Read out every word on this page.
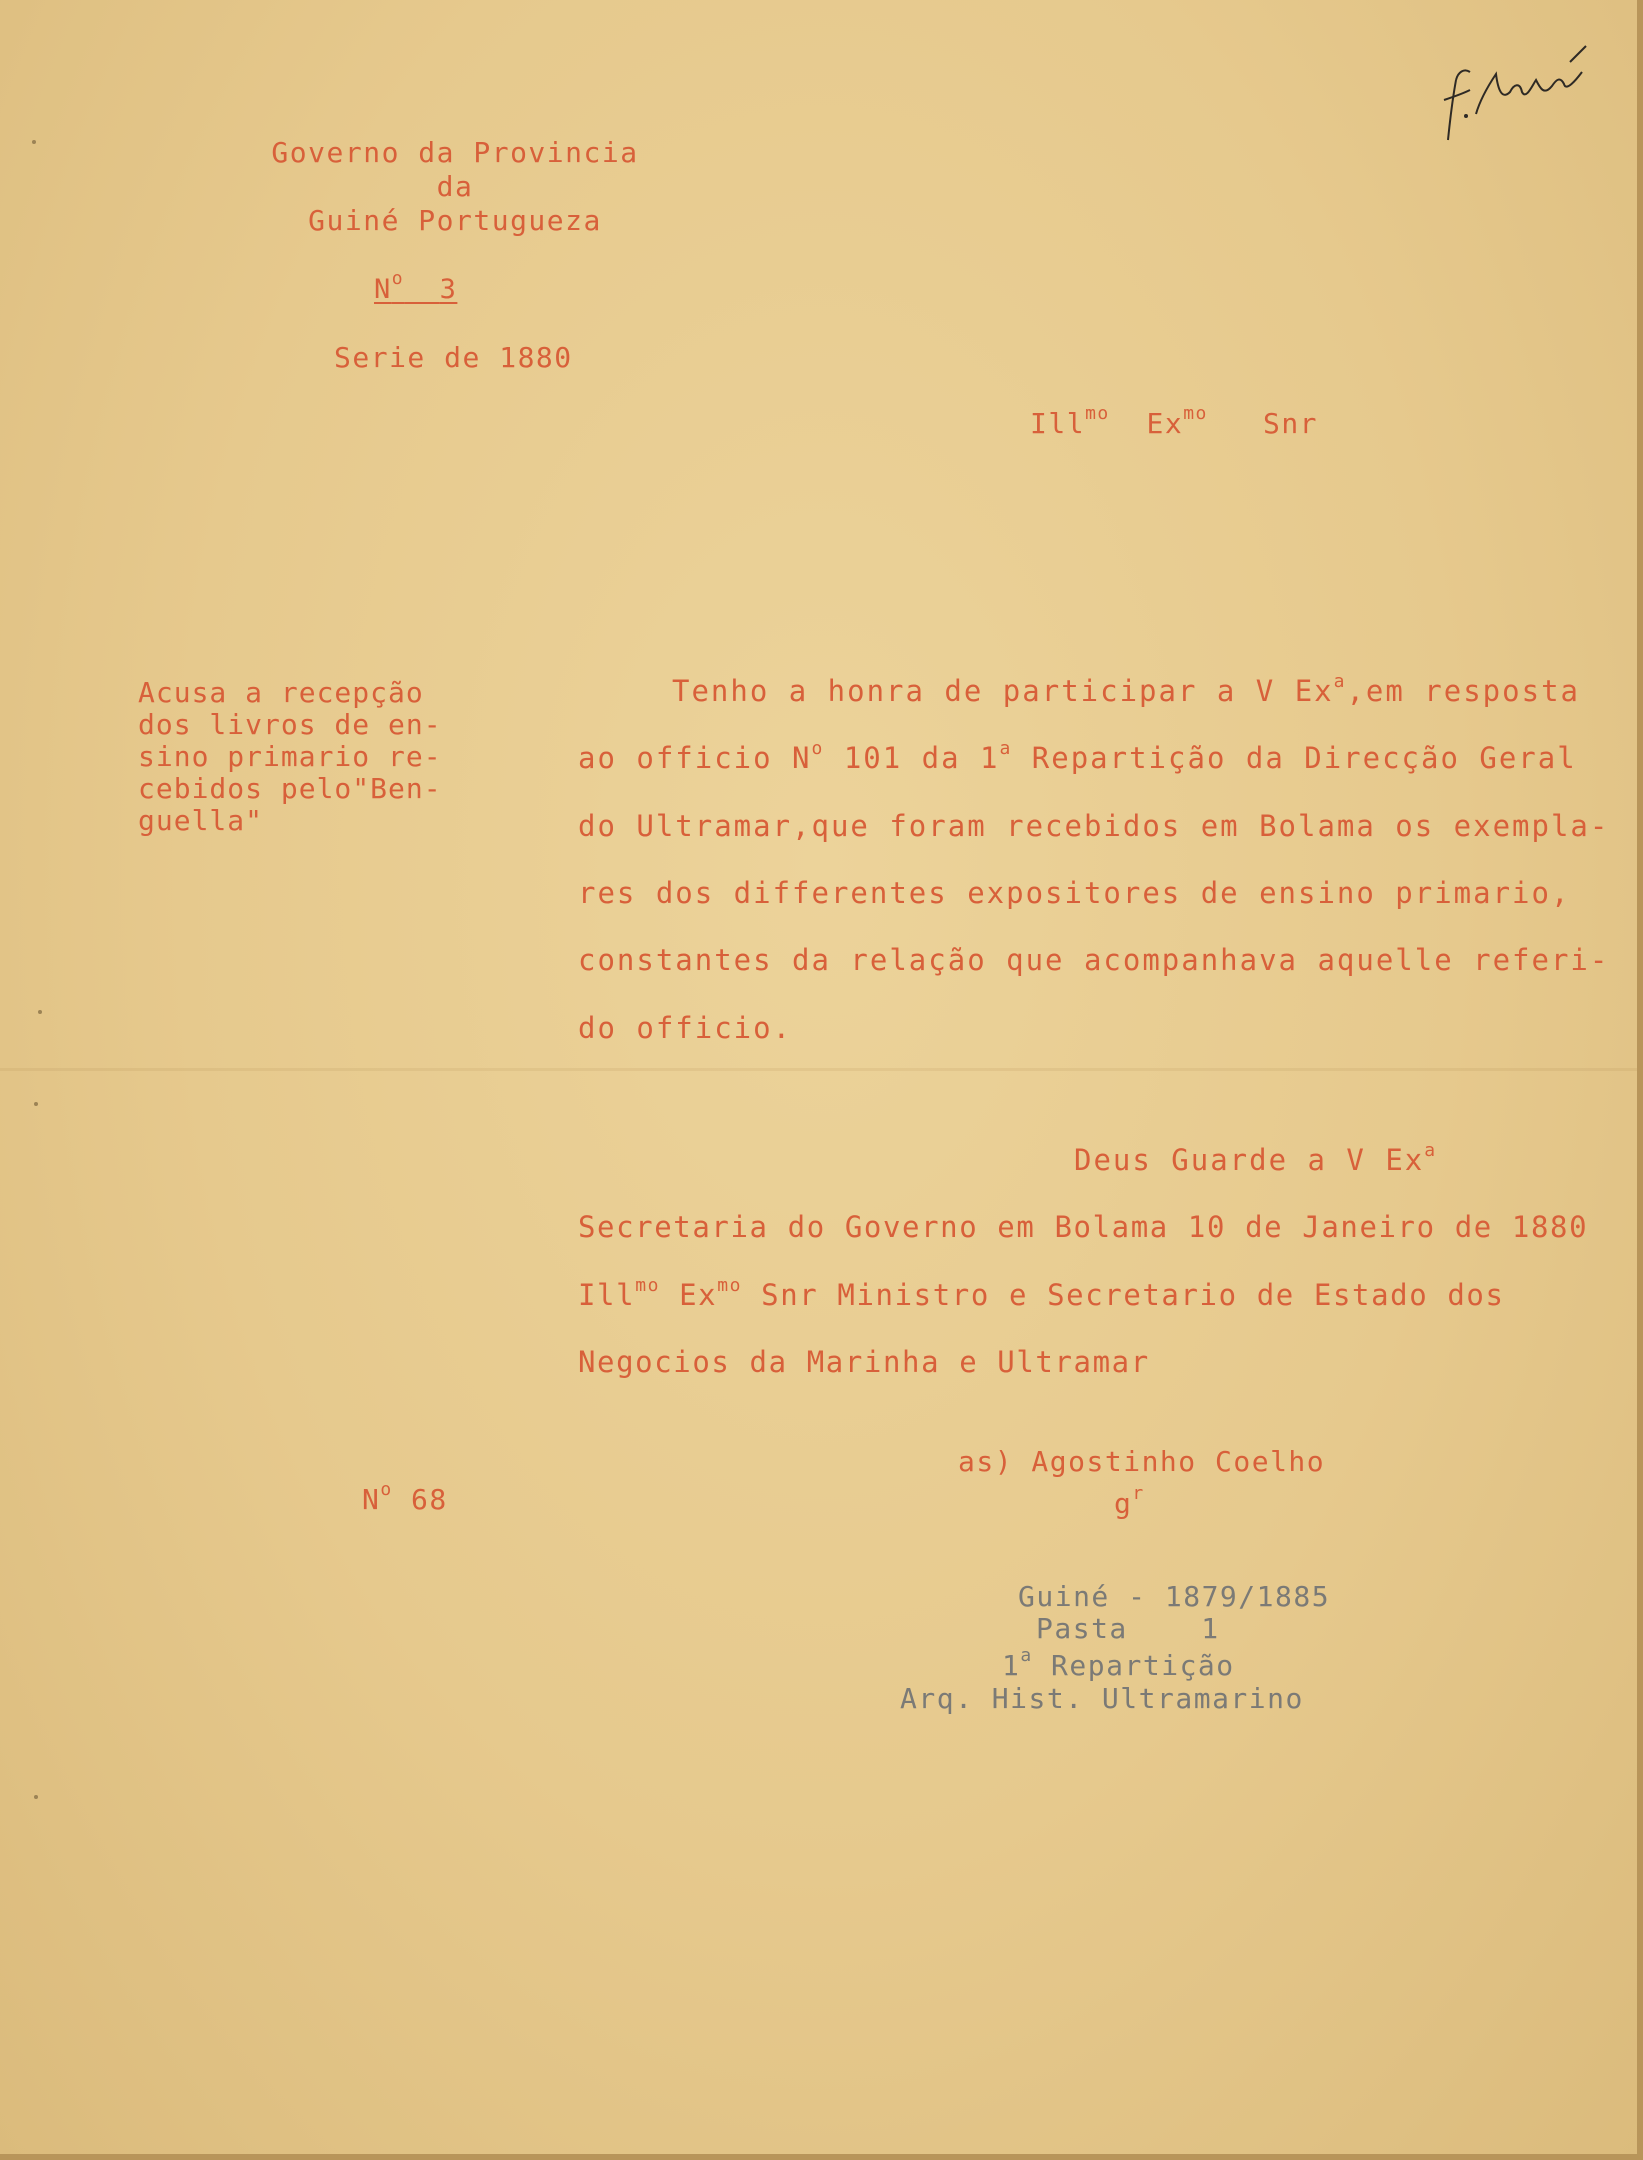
Governo da Provincia
da
Guiné Portugueza
$N^o$ 3
Serie de 1880
Ill$^{mo}$ $Ex^{mo}$ Snr
Acusa a recepção
dos livros de en-
sino primario re-
cebidos pelo"Ben-
guella"
Tenho a honra de participar a V Ex$^a$,em resposta
ao officio $N^o$ 101 da 1$^a$ Repartição da Direcção Geral
do Ultramar,que foram recebidos em Bolama os exempla-
res dos differentes expositores de ensino primario,
constantes da relação que acompanhava aquelle referi-
do officio.
Deus Guarde a V Ex$^a$
Secretaria do Governo em Bolama 10 de Janeiro de 1880
Ill$^{mo}$ $Ex^{mo}$ Snr Ministro e Secretario de Estado dos
Negocios da Marinha e Ultramar
as) Agostinho Coelho
$g^r$
$N^o$ 68
Guiné - 1879/1885
Pasta    1
1$^a$ Repartição
Arq. Hist. Ultramarino
